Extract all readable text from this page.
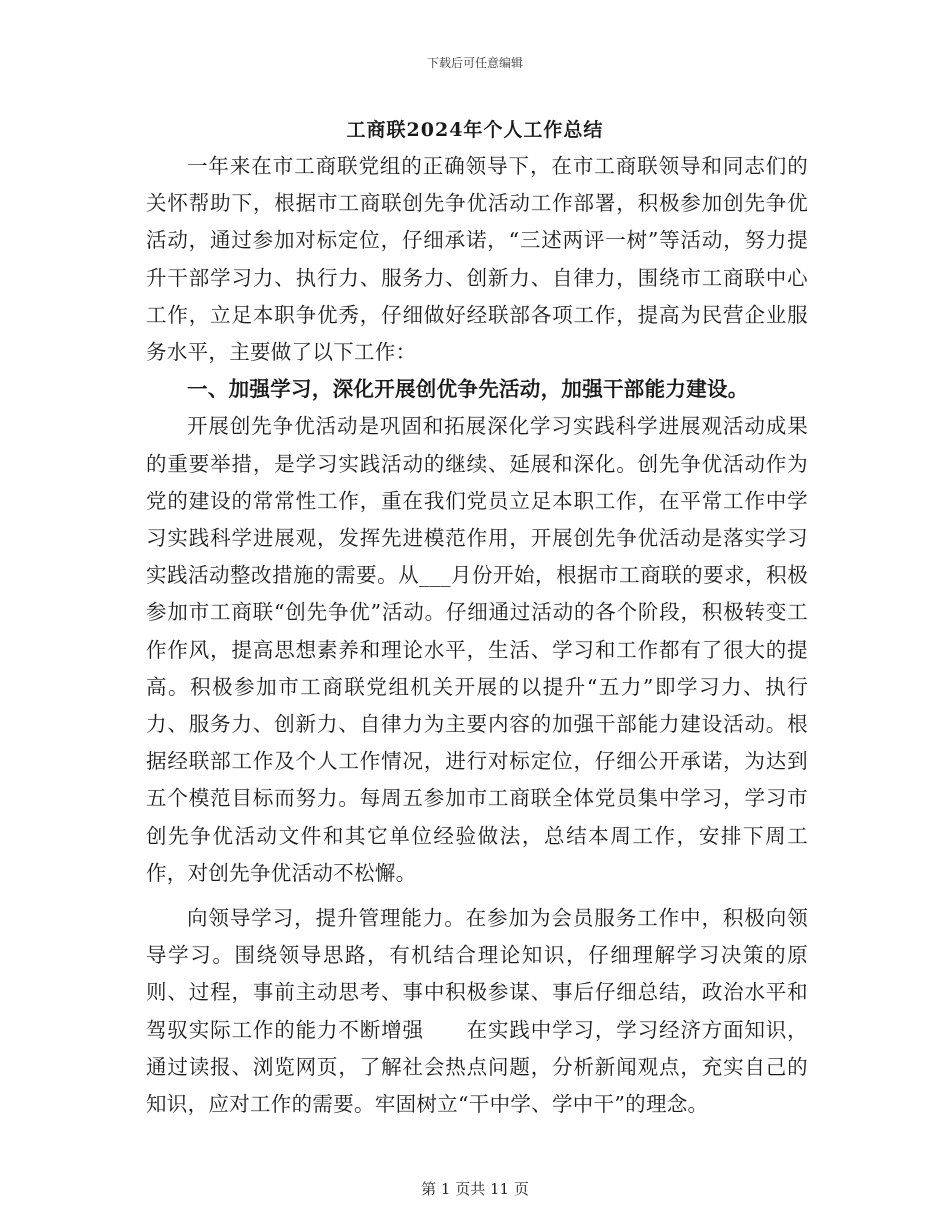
下载后可任意编辑
工商联2024年个人工作总结

一年来在市工商联党组的正确领导下，在市工商联领导和同志们的关怀帮助下，根据市工商联创先争优活动工作部署，积极参加创先争优活动，通过参加对标定位，仔细承诺，“三述两评一树”等活动，努力提升干部学习力、执行力、服务力、创新力、自律力，围绕市工商联中心工作，立足本职争优秀，仔细做好经联部各项工作，提高为民营企业服务水平，主要做了以下工作：

一、加强学习，深化开展创优争先活动，加强干部能力建设。

开展创先争优活动是巩固和拓展深化学习实践科学进展观活动成果的重要举措，是学习实践活动的继续、延展和深化。创先争优活动作为党的建设的常常性工作，重在我们党员立足本职工作，在平常工作中学习实践科学进展观，发挥先进模范作用，开展创先争优活动是落实学习实践活动整改措施的需要。从___月份开始，根据市工商联的要求，积极参加市工商联“创先争优”活动。仔细通过活动的各个阶段，积极转变工作作风，提高思想素养和理论水平，生活、学习和工作都有了很大的提高。积极参加市工商联党组机关开展的以提升“五力”即学习力、执行力、服务力、创新力、自律力为主要内容的加强干部能力建设活动。根据经联部工作及个人工作情况，进行对标定位，仔细公开承诺，为达到五个模范目标而努力。每周五参加市工商联全体党员集中学习，学习市创先争优活动文件和其它单位经验做法，总结本周工作，安排下周工作，对创先争优活动不松懈。

向领导学习，提升管理能力。在参加为会员服务工作中，积极向领导学习。围绕领导思路，有机结合理论知识，仔细理解学习决策的原则、过程，事前主动思考、事中积极参谋、事后仔细总结，政治水平和驾驭实际工作的能力不断增强　　在实践中学习，学习经济方面知识，通过读报、浏览网页，了解社会热点问题，分析新闻观点，充实自己的知识，应对工作的需要。牢固树立“干中学、学中干”的理念。

第 1 页共 11 页
